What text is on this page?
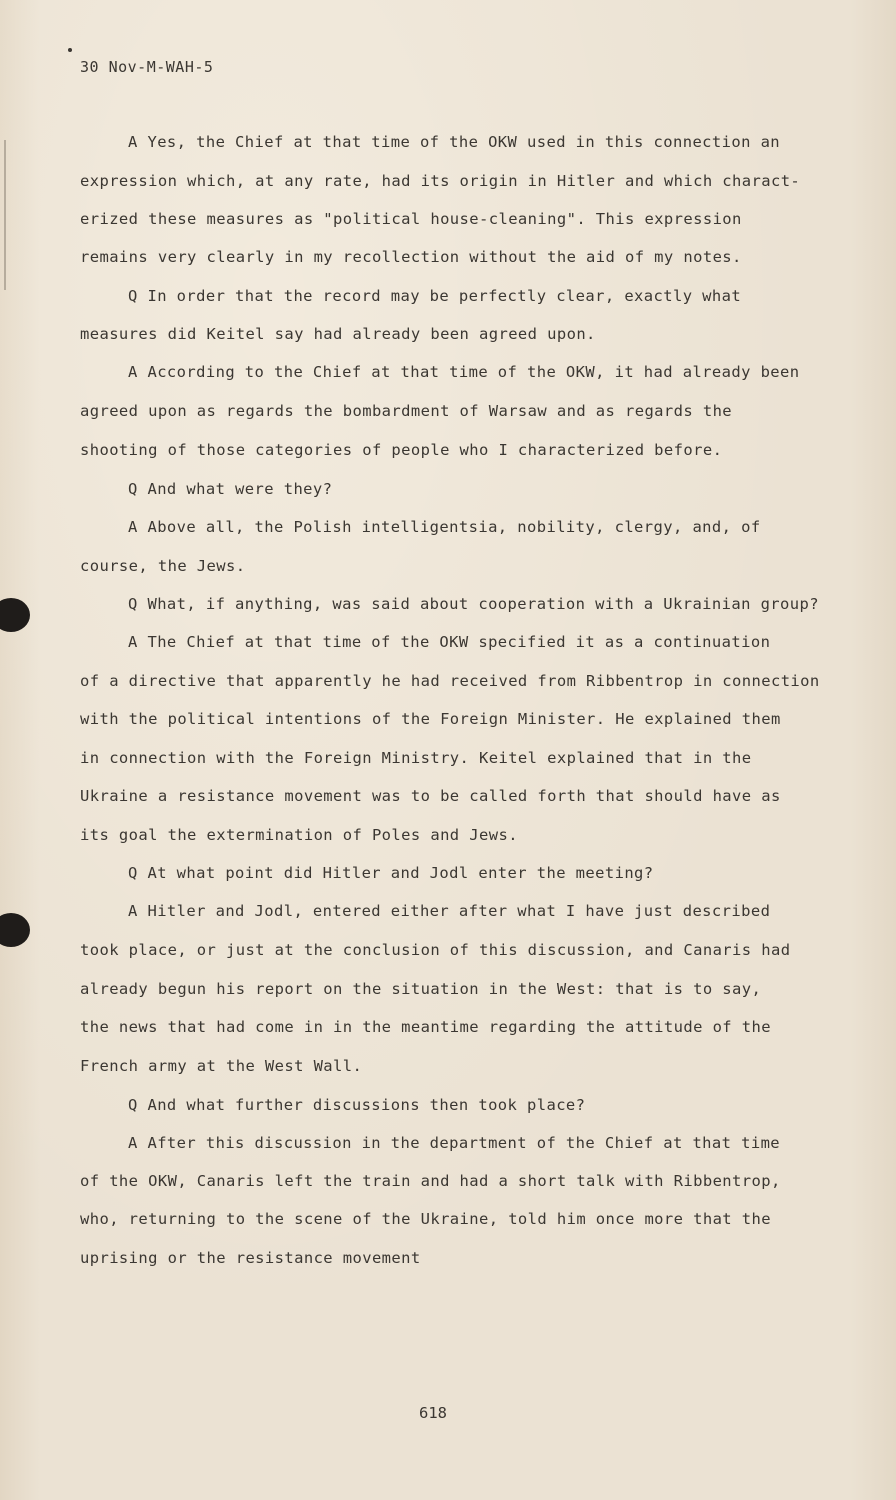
30 Nov-M-WAH-5
A Yes, the Chief at that time of the OKW used in this connection an
expression which, at any rate, had its origin in Hitler and which charact-
erized these measures as "political house-cleaning". This expression
remains very clearly in my recollection without the aid of my notes.
Q In order that the record may be perfectly clear, exactly what
measures did Keitel say had already been agreed upon.
A According to the Chief at that time of the OKW, it had already been
agreed upon as regards the bombardment of Warsaw and as regards the
shooting of those categories of people who I characterized before.
Q And what were they?
A Above all, the Polish intelligentsia, nobility, clergy, and, of
course, the Jews.
Q What, if anything, was said about cooperation with a Ukrainian group?
A The Chief at that time of the OKW specified it as a continuation
of a directive that apparently he had received from Ribbentrop in connection
with the political intentions of the Foreign Minister. He explained them
in connection with the Foreign Ministry. Keitel explained that in the
Ukraine a resistance movement was to be called forth that should have as
its goal the extermination of Poles and Jews.
Q At what point did Hitler and Jodl enter the meeting?
A Hitler and Jodl, entered either after what I have just described
took place, or just at the conclusion of this discussion, and Canaris had
already begun his report on the situation in the West: that is to say,
the news that had come in in the meantime regarding the attitude of the
French army at the West Wall.
Q And what further discussions then took place?
A After this discussion in the department of the Chief at that time
of the OKW, Canaris left the train and had a short talk with Ribbentrop,
who, returning to the scene of the Ukraine, told him once more that the
uprising or the resistance movement
618
